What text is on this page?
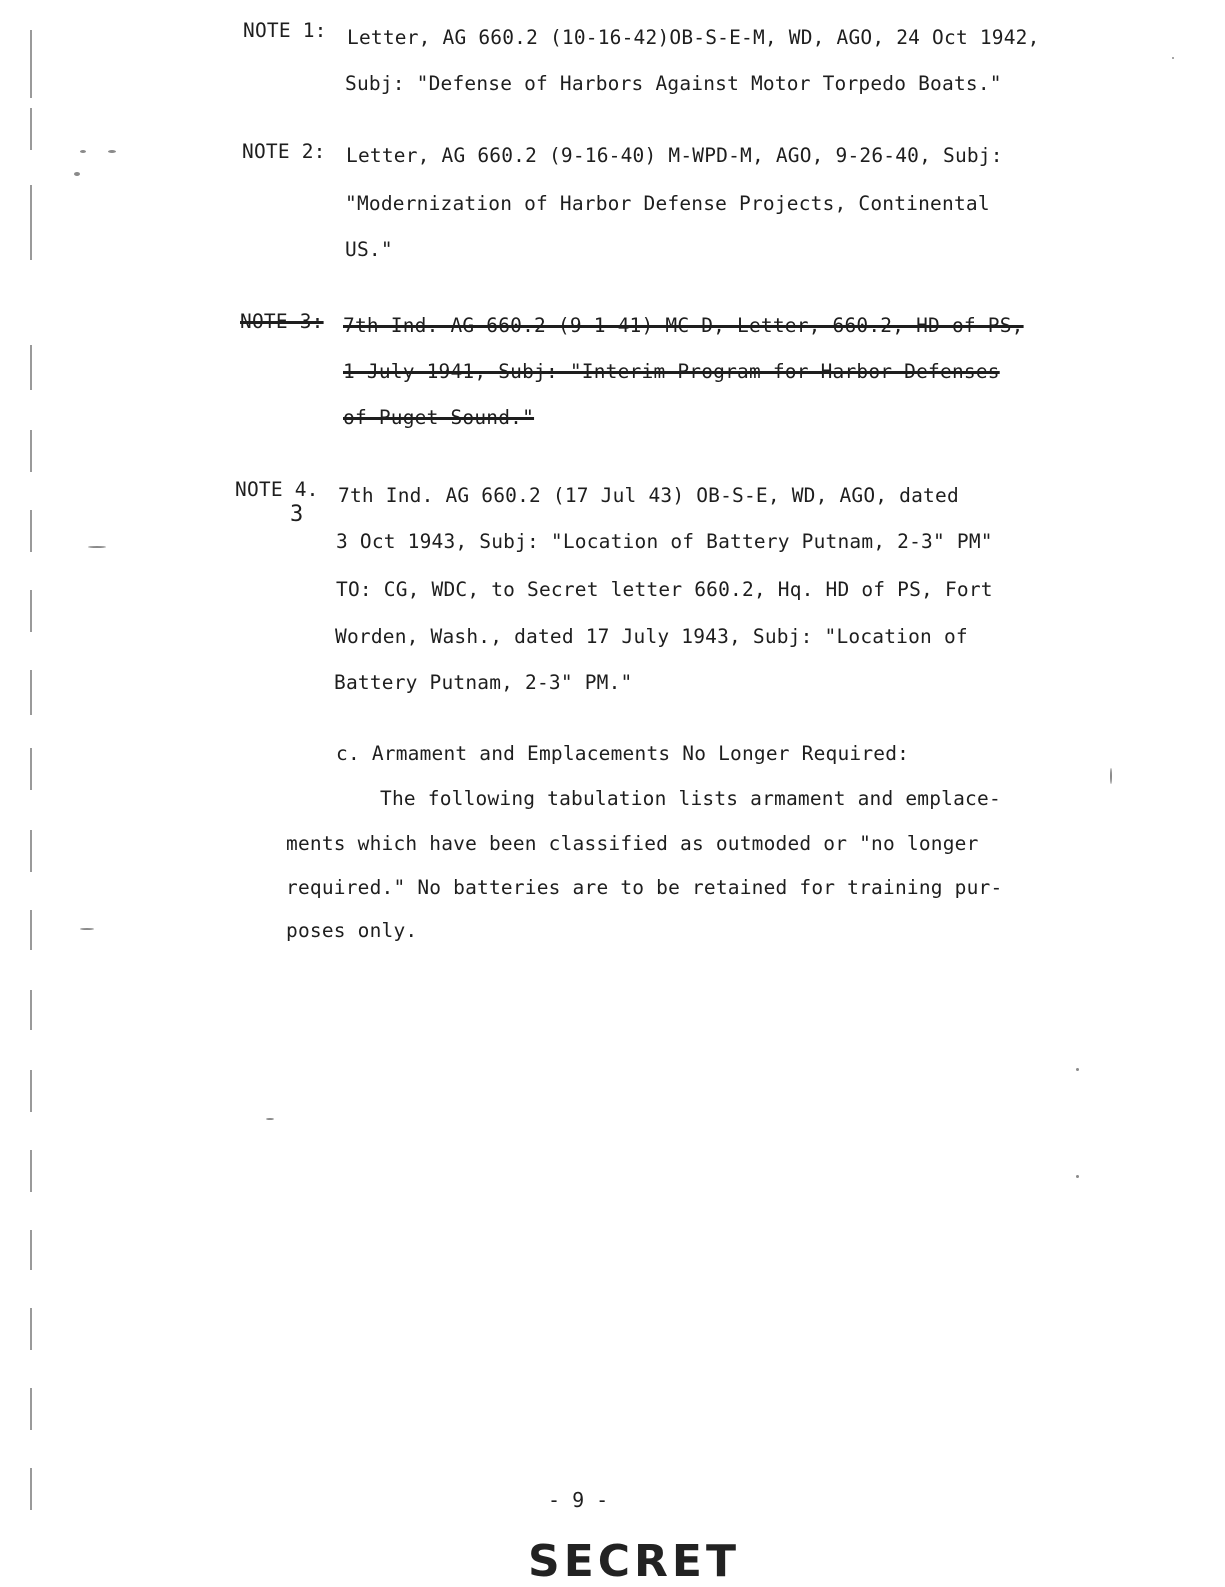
NOTE 1: Letter, AG 660.2 (10-16-42)OB-S-E-M, WD, AGO, 24 Oct 1942,
Subj: "Defense of Harbors Against Motor Torpedo Boats."
NOTE 2: Letter, AG 660.2 (9-16-40) M-WPD-M, AGO, 9-26-40, Subj:
"Modernization of Harbor Defense Projects, Continental
US."
NOTE 3: 7th Ind. AG 660.2 (9-1-41) MC-D, Letter, 660.2, HD of PS,
1 July 1941, Subj: "Interim Program for Harbor Defenses
of Puget Sound."
NOTE 4.
3
7th Ind. AG 660.2 (17 Jul 43) OB-S-E, WD, AGO, dated
3 Oct 1943, Subj: "Location of Battery Putnam, 2-3" PM"
TO: CG, WDC, to Secret letter 660.2, Hq. HD of PS, Fort
Worden, Wash., dated 17 July 1943, Subj: "Location of
Battery Putnam, 2-3" PM."
c. Armament and Emplacements No Longer Required:
The following tabulation lists armament and emplace-
ments which have been classified as outmoded or "no longer
required." No batteries are to be retained for training pur-
poses only.
- 9 -
SECRET
